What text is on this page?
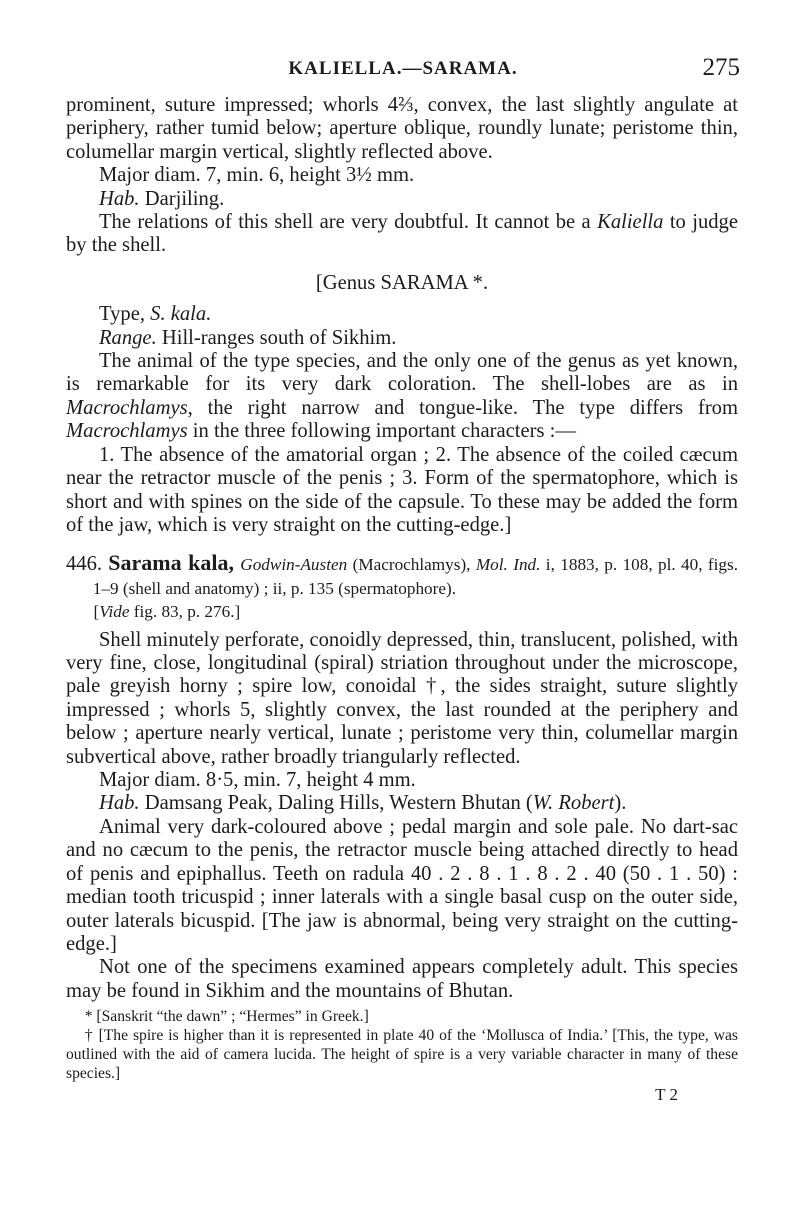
KALIELLA.—SARAMA.	275

prominent, suture impressed; whorls 4⅔, convex, the last slightly angulate at periphery, rather tumid below; aperture oblique, roundly lunate; peristome thin, columellar margin vertical, slightly reflected above.

Major diam. 7, min. 6, height 3½ mm.

Hab. Darjiling.

The relations of this shell are very doubtful. It cannot be a Kaliella to judge by the shell.

[Genus SARAMA *.

Type, S. kala.

Range. Hill-ranges south of Sikhim.

The animal of the type species, and the only one of the genus as yet known, is remarkable for its very dark coloration. The shell-lobes are as in Macrochlamys, the right narrow and tongue-like. The type differs from Macrochlamys in the three following important characters :—

1. The absence of the amatorial organ ; 2. The absence of the coiled cæcum near the retractor muscle of the penis ; 3. Form of the spermatophore, which is short and with spines on the side of the capsule. To these may be added the form of the jaw, which is very straight on the cutting-edge.]

446. Sarama kala, Godwin-Austen (Macrochlamys), Mol. Ind. i, 1883, p. 108, pl. 40, figs. 1–9 (shell and anatomy) ; ii, p. 135 (spermatophore).

[Vide fig. 83, p. 276.]

Shell minutely perforate, conoidly depressed, thin, translucent, polished, with very fine, close, longitudinal (spiral) striation throughout under the microscope, pale greyish horny ; spire low, conoidal †, the sides straight, suture slightly impressed ; whorls 5, slightly convex, the last rounded at the periphery and below ; aperture nearly vertical, lunate ; peristome very thin, columellar margin subvertical above, rather broadly triangularly reflected.

Major diam. 8·5, min. 7, height 4 mm.

Hab. Damsang Peak, Daling Hills, Western Bhutan (W. Robert).

Animal very dark-coloured above ; pedal margin and sole pale. No dart-sac and no cæcum to the penis, the retractor muscle being attached directly to head of penis and epiphallus. Teeth on radula 40 . 2 . 8 . 1 . 8 . 2 . 40 (50 . 1 . 50) : median tooth tricuspid ; inner laterals with a single basal cusp on the outer side, outer laterals bicuspid. [The jaw is abnormal, being very straight on the cutting-edge.]

Not one of the specimens examined appears completely adult. This species may be found in Sikhim and the mountains of Bhutan.

* [Sanskrit “the dawn” ; “Hermes” in Greek.]

† [The spire is higher than it is represented in plate 40 of the ‘Mollusca of India.’ [This, the type, was outlined with the aid of camera lucida. The height of spire is a very variable character in many of these species.]

T 2
